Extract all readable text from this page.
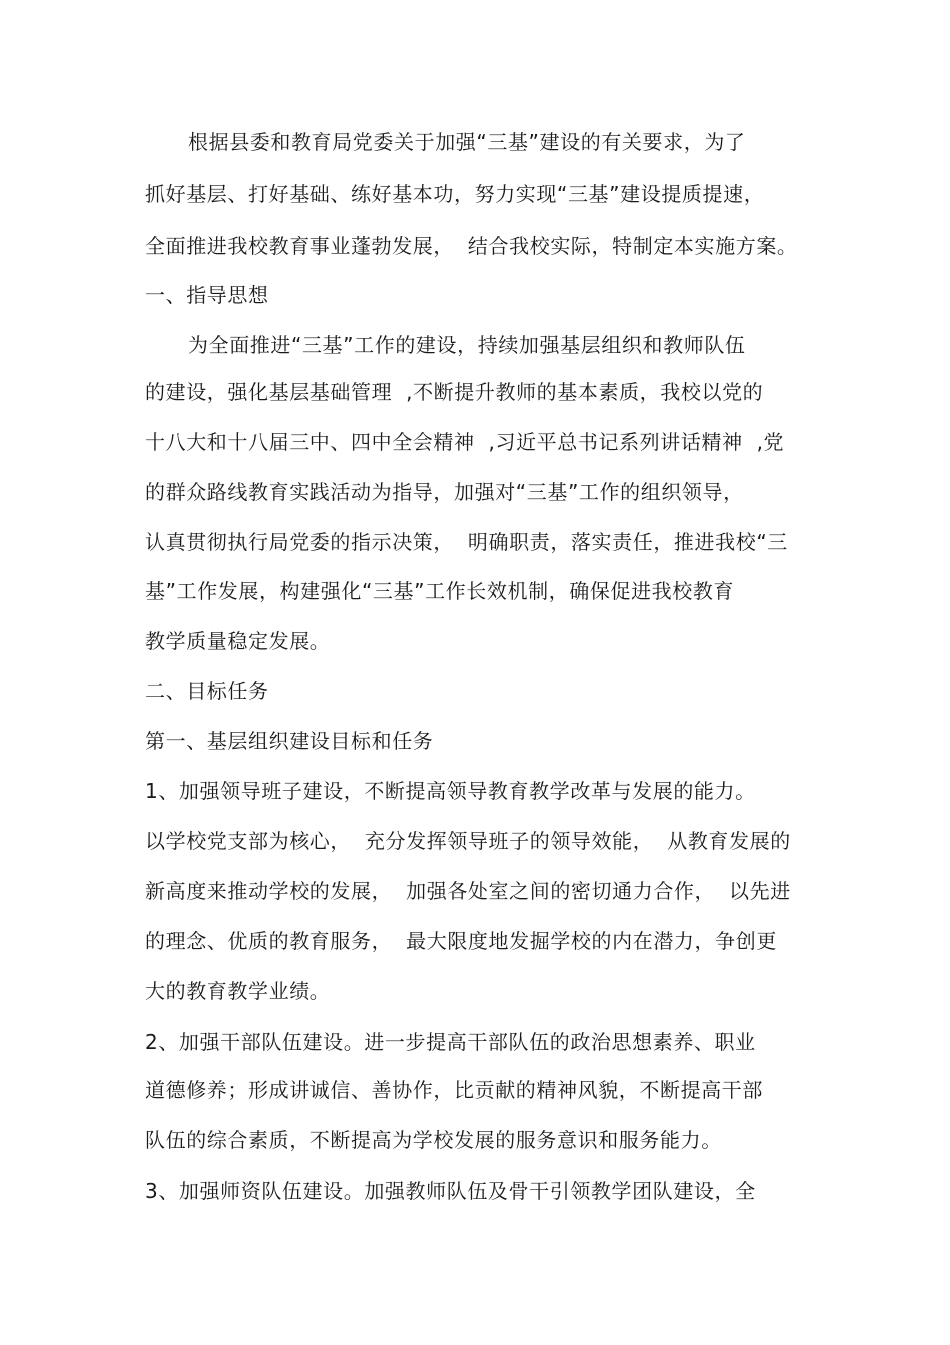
根据县委和教育局党委关于加强“三基”建设的有关要求，为了
抓好基层、打好基础、练好基本功，努力实现“三基”建设提质提速，
全面推进我校教育事业蓬勃发展，  结合我校实际，特制定本实施方案。
一、指导思想
为全面推进“三基”工作的建设，持续加强基层组织和教师队伍
的建设，强化基层基础管理  ,不断提升教师的基本素质，我校以党的
十八大和十八届三中、四中全会精神  ,习近平总书记系列讲话精神  ,党
的群众路线教育实践活动为指导，加强对“三基”工作的组织领导，
认真贯彻执行局党委的指示决策，  明确职责，落实责任，推进我校“三
基”工作发展，构建强化“三基”工作长效机制，确保促进我校教育
教学质量稳定发展。
二、目标任务
第一、基层组织建设目标和任务
1、加强领导班子建设，不断提高领导教育教学改革与发展的能力。
以学校党支部为核心，  充分发挥领导班子的领导效能，  从教育发展的
新高度来推动学校的发展，  加强各处室之间的密切通力合作，  以先进
的理念、优质的教育服务，  最大限度地发掘学校的内在潜力，争创更
大的教育教学业绩。
2、加强干部队伍建设。进一步提高干部队伍的政治思想素养、职业
道德修养；形成讲诚信、善协作，比贡献的精神风貌，不断提高干部
队伍的综合素质，不断提高为学校发展的服务意识和服务能力。
3、加强师资队伍建设。加强教师队伍及骨干引领教学团队建设，全
